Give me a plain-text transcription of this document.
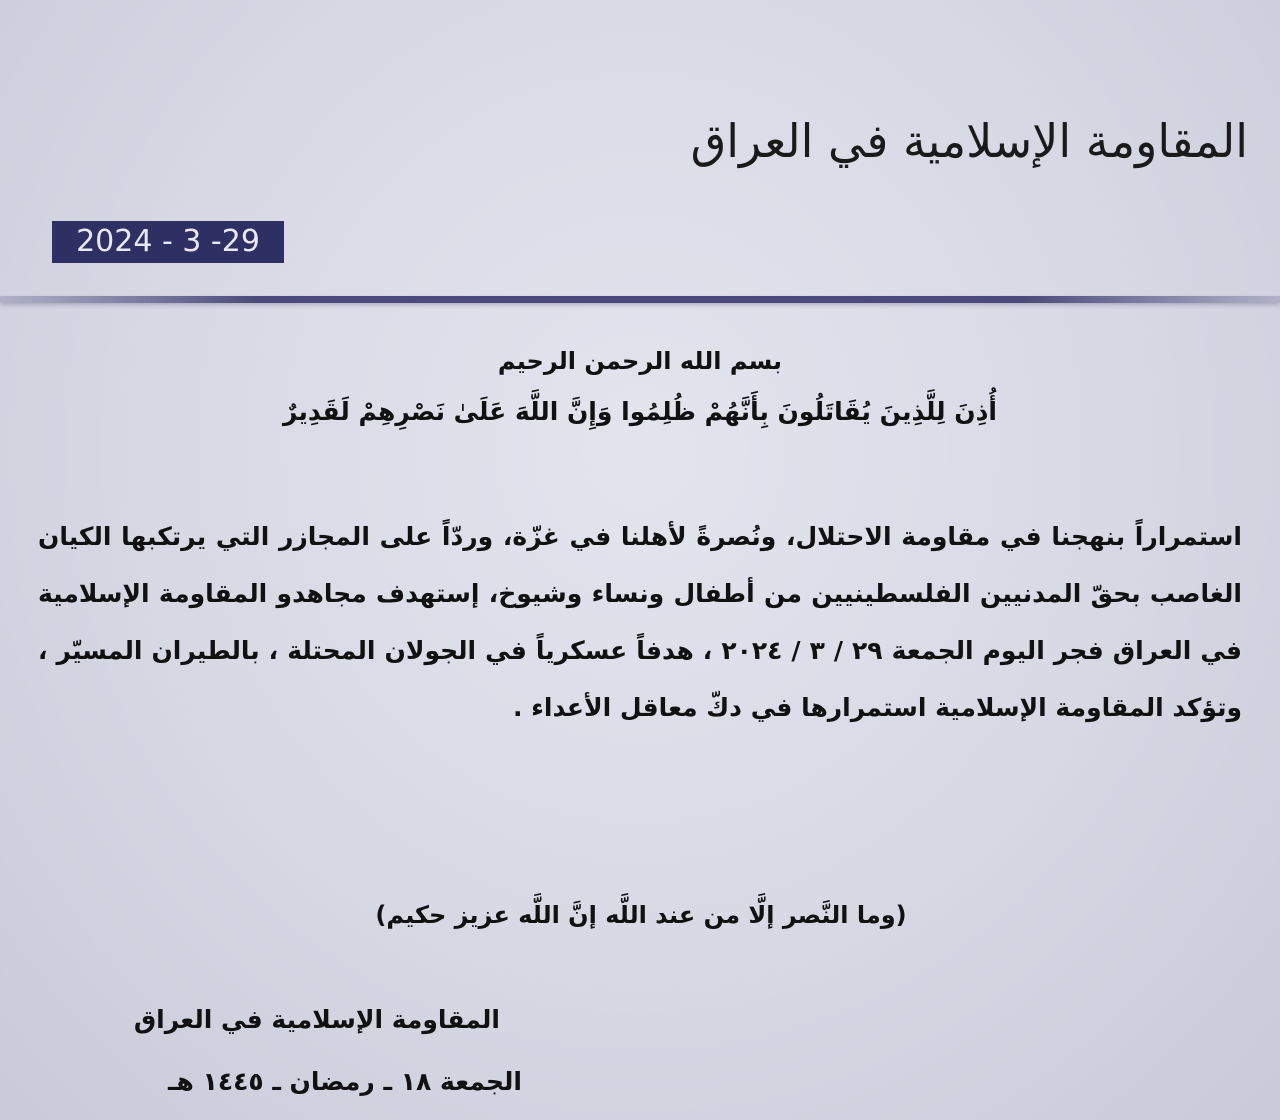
المقاومة الإسلامية في العراق
2024 - 3 -29
بسم الله الرحمن الرحيم
أُذِنَ لِلَّذِينَ يُقَاتَلُونَ بِأَنَّهُمْ ظُلِمُوا وَإِنَّ اللَّهَ عَلَىٰ نَصْرِهِمْ لَقَدِيرٌ

استمراراً بنهجنا في مقاومة الاحتلال، ونُصرةً لأهلنا في غزّة، وردّاً على المجازر التي يرتكبها الكيان الغاصب بحقّ المدنيين الفلسطينيين من أطفال ونساء وشيوخ، إستهدف مجاهدو المقاومة الإسلامية في العراق فجر اليوم الجمعة ٢٩ / ٣ / ٢٠٢٤ ، هدفاً عسكرياً في الجولان المحتلة ، بالطيران المسيّر ، وتؤكد المقاومة الإسلامية استمرارها في دكّ معاقل الأعداء .

(وما النَّصر إلَّا من عند اللَّه إنَّ اللَّه عزيز حكيم)
المقاومة الإسلامية في العراق
الجمعة ١٨ ـ رمضان ـ ١٤٤٥ هـ
